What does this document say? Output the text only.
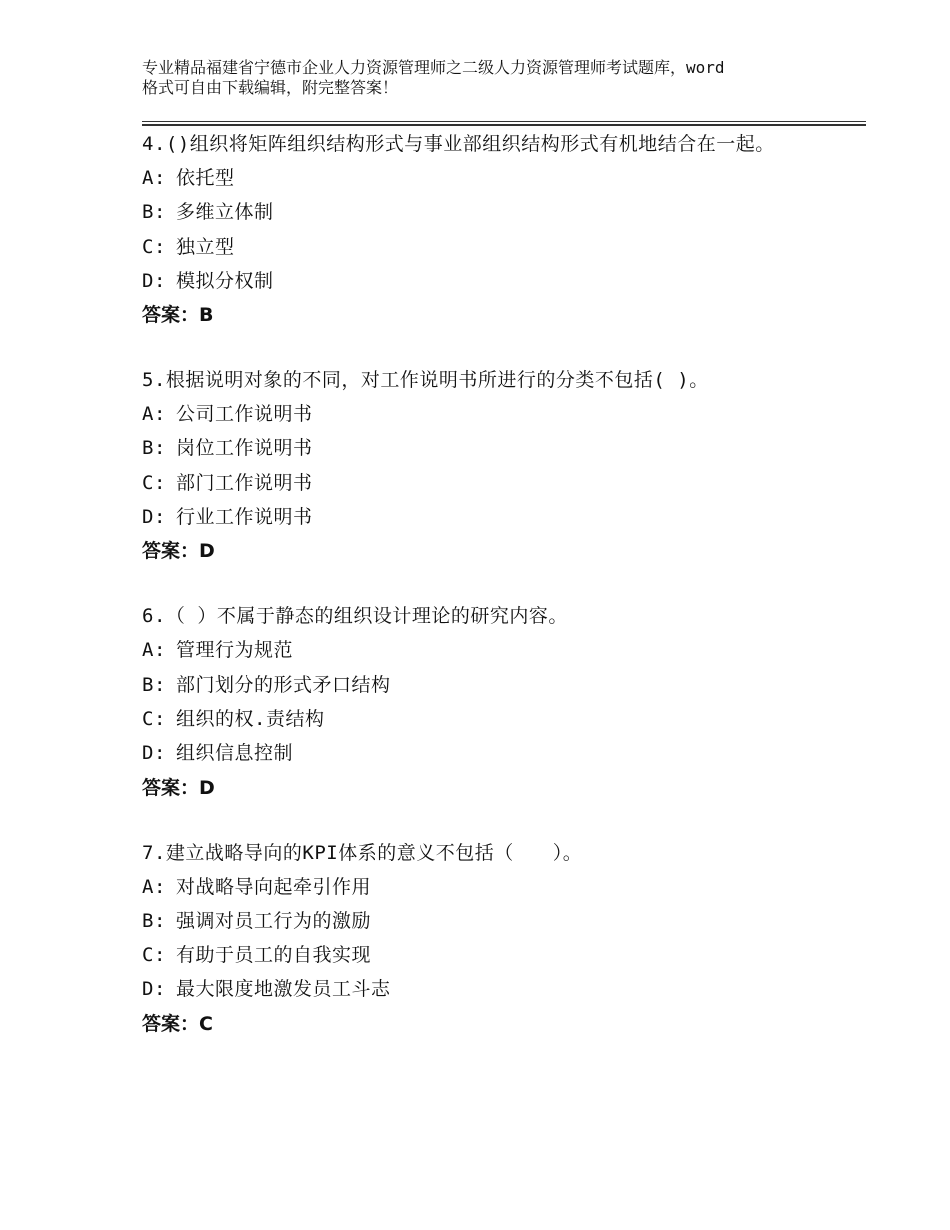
专业精品福建省宁德市企业人力资源管理师之二级人力资源管理师考试题库，word
格式可自由下载编辑，附完整答案！
4.()组织将矩阵组织结构形式与事业部组织结构形式有机地结合在一起。
A: 依托型
B: 多维立体制
C: 独立型
D: 模拟分权制
答案：B
5.根据说明对象的不同，对工作说明书所进行的分类不包括( )。
A: 公司工作说明书
B: 岗位工作说明书
C: 部门工作说明书
D: 行业工作说明书
答案：D
6.（ ）不属于静态的组织设计理论的研究内容。
A: 管理行为规范
B: 部门划分的形式矛口结构
C: 组织的权.责结构
D: 组织信息控制
答案：D
7.建立战略导向的KPI体系的意义不包括（　　）。
A: 对战略导向起牵引作用
B: 强调对员工行为的激励
C: 有助于员工的自我实现
D: 最大限度地激发员工斗志
答案：C
